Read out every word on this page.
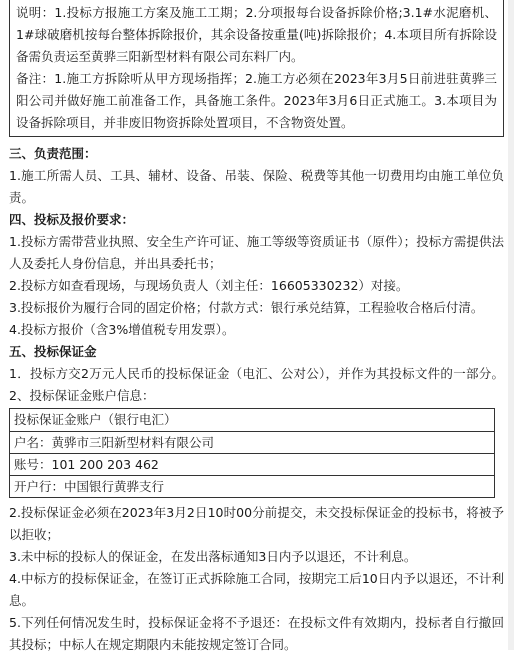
说明：1.投标方报施工方案及施工工期；2.分项报每台设备拆除价格;3.1#水泥磨机、1#球破磨机按每台整体拆除报价，其余设备按重量(吨)拆除报价；4.本项目所有拆除设备需负责运至黄骅三阳新型材料有限公司东料厂内。

备注：1.施工方拆除听从甲方现场指挥；2.施工方必须在2023年3月5日前进驻黄骅三阳公司并做好施工前准备工作，具备施工条件。2023年3月6日正式施工。3.本项目为设备拆除项目，并非废旧物资拆除处置项目，不含物资处置。

三、负责范围：

1.施工所需人员、工具、辅材、设备、吊装、保险、税费等其他一切费用均由施工单位负责。

四、投标及报价要求：

1.投标方需带营业执照、安全生产许可证、施工等级等资质证书（原件）；投标方需提供法人及委托人身份信息，并出具委托书；

2.投标方如查看现场，与现场负责人（刘主任：16605330232）对接。

3.投标报价为履行合同的固定价格；付款方式：银行承兑结算，工程验收合格后付清。

4.投标方报价（含3%增值税专用发票）。

五、投标保证金

1．投标方交2万元人民币的投标保证金（电汇、公对公），并作为其投标文件的一部分。2、投标保证金账户信息：

投标保证金账户（银行电汇）
户名：黄骅市三阳新型材料有限公司
账号：101 200 203 462
开户行：中国银行黄骅支行

2.投标保证金必须在2023年3月2日10时00分前提交，未交投标保证金的投标书，将被予以拒收；

3.未中标的投标人的保证金，在发出落标通知3日内予以退还，不计利息。

4.中标方的投标保证金，在签订正式拆除施工合同，按期完工后10日内予以退还，不计利息。

5.下列任何情况发生时，投标保证金将不予退还：在投标文件有效期内，投标者自行撤回其投标；中标人在规定期限内未能按规定签订合同。
